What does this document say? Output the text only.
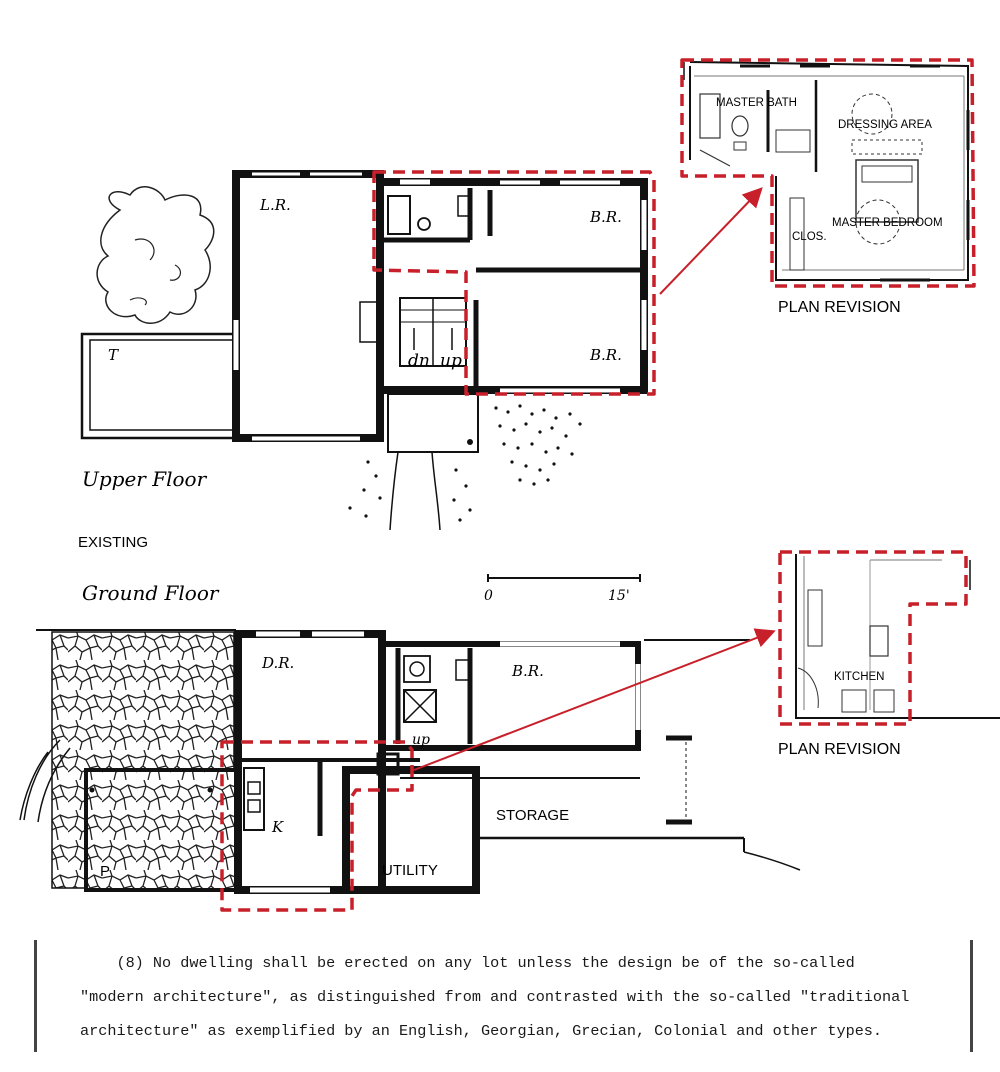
L.R.
B.R.
B.R.
T	dn up
Upper Floor
EXISTING
Ground Floor	0	15'
D.R.	B.R.
K
STORAGE
UTILITY
P
up
MASTER BATH
DRESSING AREA
MASTER BEDROOM
CLOS.
PLAN REVISION
KITCHEN
PLAN REVISION
(8) No dwelling shall be erected on any lot unless the design be of the so-called
"modern architecture", as distinguished from and contrasted with the so-called "traditional
architecture" as exemplified by an English, Georgian, Grecian, Colonial and other types.
